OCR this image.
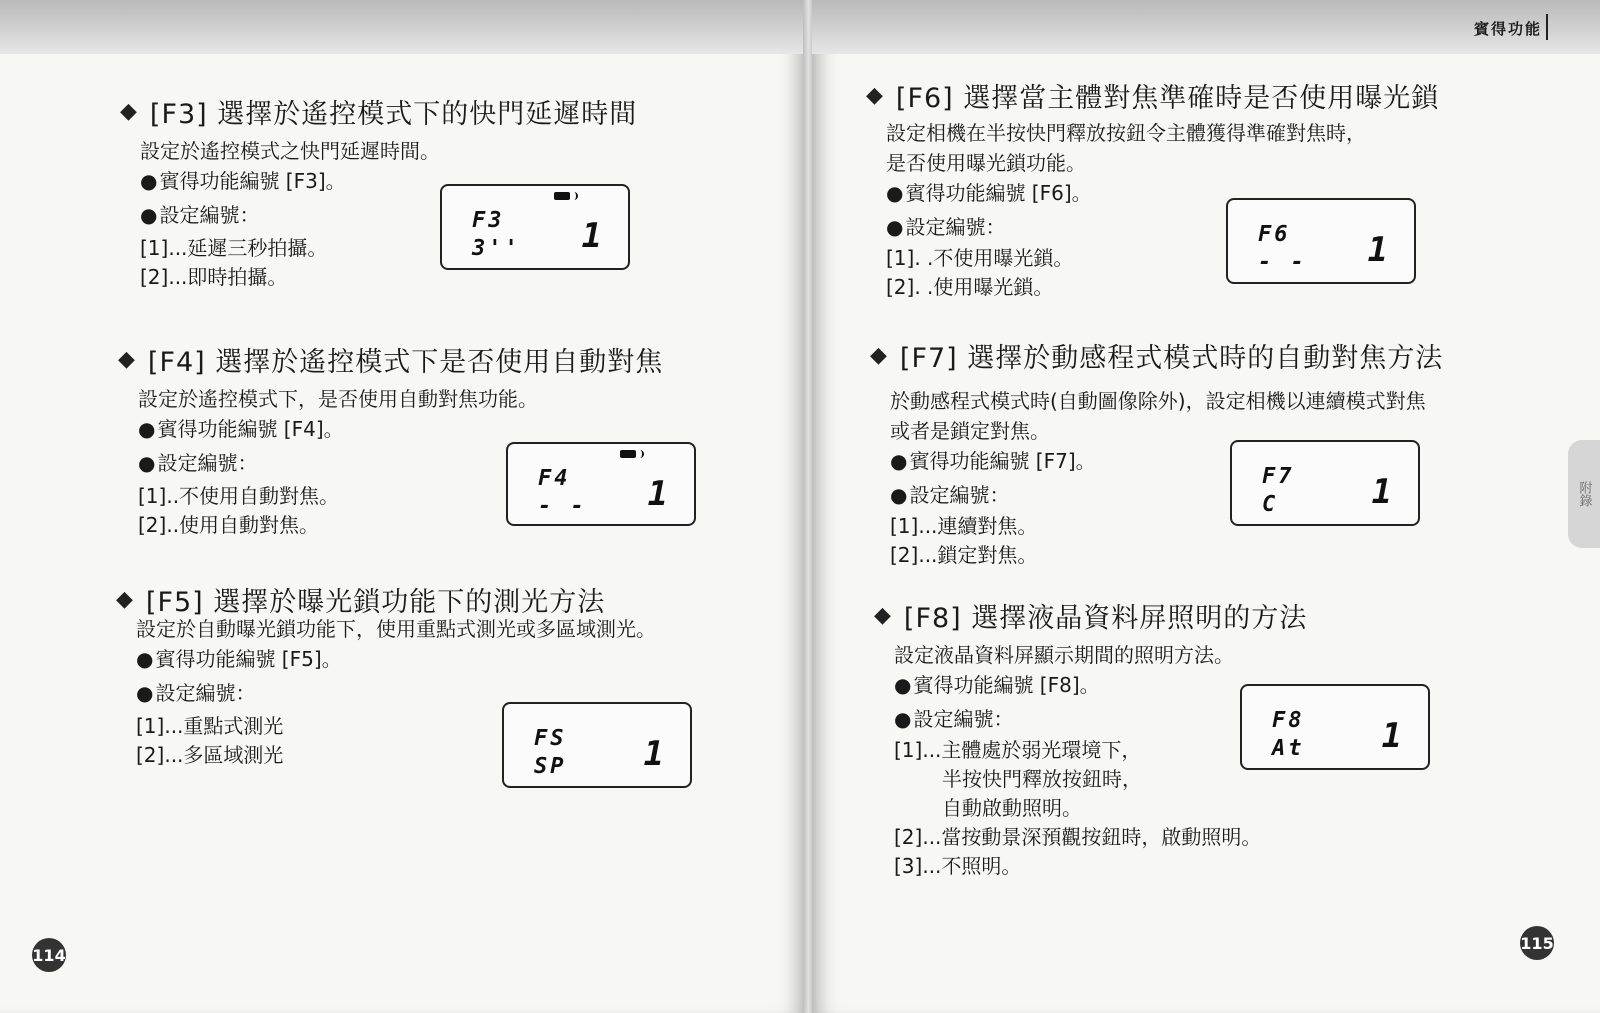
◆ [F3] 選擇於遙控模式下的快門延遲時間
設定於遙控模式之快門延遲時間。
● 賓得功能編號 [F3]。
● 設定編號：
[1]...延遲三秒拍攝。
[2]...即時拍攝。
F3
3'' 1
◆ [F4] 選擇於遙控模式下是否使用自動對焦
設定於遙控模式下，是否使用自動對焦功能。
● 賓得功能編號 [F4]。
● 設定編號：
[1]..不使用自動對焦。
[2]..使用自動對焦。
F4
- - 1
◆ [F5] 選擇於曝光鎖功能下的測光方法
設定於自動曝光鎖功能下，使用重點式測光或多區域測光。
● 賓得功能編號 [F5]。
● 設定編號：
[1]...重點式測光
[2]...多區域測光
FS
SP 1
114
賓得功能
◆ [F6] 選擇當主體對焦準確時是否使用曝光鎖
設定相機在半按快門釋放按鈕令主體獲得準確對焦時，
是否使用曝光鎖功能。
● 賓得功能編號 [F6]。
● 設定編號：
[1]. .不使用曝光鎖。
[2]. .使用曝光鎖。
F6
- - 1
◆ [F7] 選擇於動感程式模式時的自動對焦方法
於動感程式模式時(自動圖像除外)，設定相機以連續模式對焦
或者是鎖定對焦。
● 賓得功能編號 [F7]。
● 設定編號：
[1]...連續對焦。
[2]...鎖定對焦。
F7
C	1
◆ [F8] 選擇液晶資料屏照明的方法
設定液晶資料屏顯示期間的照明方法。
● 賓得功能編號 [F8]。
● 設定編號：
[1]...主體處於弱光環境下，
半按快門釋放按鈕時，
自動啟動照明。
[2]...當按動景深預觀按鈕時，啟動照明。
[3]...不照明。
F8
At 1
附錄
115
